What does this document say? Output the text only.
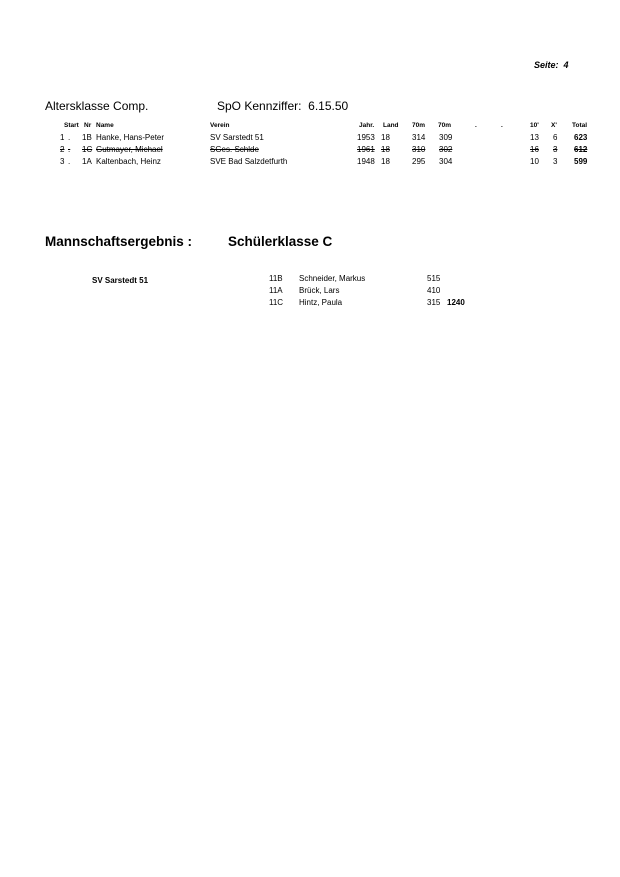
Seite: 4
Altersklasse Comp.	SpO Kennziffer: 6.15.50
Start Nr Name	Verein	Jahr. Land 70m 70m	.	.	10' X' Total
1 . 1B Hanke, Hans-Peter	SV Sarstedt 51	1953 18	314 309	13 6 623
2 . 1C Gutmayer, Michael	SGes. Schlde	1961 18	310 302	16 3 612
3 . 1A Kaltenbach, Heinz	SVE Bad Salzdetfurth	1948 18	295 304	10 3 599
Mannschaftsergebnis :	Schülerklasse C
SV Sarstedt 51	11B Schneider, Markus	515
11A Brück, Lars	410
11C Hintz, Paula	315 1240
